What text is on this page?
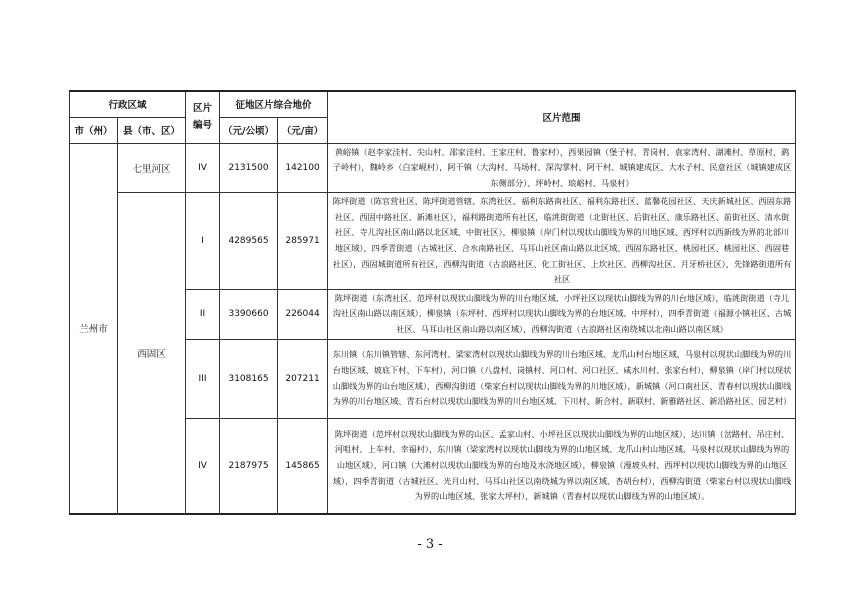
行政区域		区片编号	征地区片综合地价		区片范围
市（州）	县（市、区）		（元/公顷）	（元/亩）	
兰州市	七里河区	IV	2131500	142100	黄峪镇（赵李家洼村、尖山村、邵家洼村、王家庄村、鲁家村），西果园镇（堡子村、青岗村、袁家湾村、湖滩村、草原村、鹞子岭村），魏岭乡（白家岘村），阿干镇（大沟村、马场村、深沟掌村、阿干村、城镇建成区、大水子村、民意社区（城镇建成区东侧部分）、坪岭村、琅峪村、马泉村）
	西固区	I	4289565	285971	陈坪街道（陈官营社区、陈坪街道管辖、东湾社区、福利东路南社区、福利东路社区、蓝馨花园社区、天庆新城社区、西固东路社区、西固中路社区、新滩社区），福利路街道所有社区，临洮街街道（北街社区、后街社区、康乐路社区、前街社区、清水街社区、寺儿沟社区南山路以北区域、中街社区），柳泉镇（岸门村以现状山脚线为界的川地区域、西坪村以西新线为界的北部川地区域），四季青街道（古城社区、合水南路社区、马耳山社区南山路以北区域、西固东路社区、桃园社区、桃园社区、西固巷社区），西固城街道所有社区，西柳沟街道（古浪路社区、化工街社区、上坎社区、西柳沟社区、月牙桥社区），先锋路街道所有社区
		II	3390660	226044	陈坪街道（东湾社区、范坪村以现状山脚线为界的川台地区域、小坪社区以现状山脚线为界的川台地区域），临洮街街道（寺儿沟社区南山路以南区域），柳泉镇（东坪村、西坪村以现状山脚线为界的台地区域、中坪村），四季青街道（福源小镇社区、古城社区、马耳山社区南山路以南区域），西柳沟街道（古浪路社区南绕城以北南山路以南区域）
		III	3108165	207211	东川镇（东川镇管辖、东河湾村、梁家湾村以现状山脚线为界的川台地区域、龙爪山村台地区域、马泉村以现状山脚线为界的川台地区域、坡底下村、下车村），河口镇（八盘村、岗镇村、河口村、河口社区、咸水川村、张家台村），柳泉镇（岸门村以现状山脚线为界的山台地区域），西柳沟街道（柴家台村以现状山脚线为界的川地区域），新城镇（河口南社区、青春村以现状山脚线为界的川台地区域、青石台村以现状山脚线为界的川台地区域、下川村、新合村、新联村、新雅路社区、新沿路社区、园艺村）
		IV	2187975	145865	陈坪街道（范坪村以现状山脚线为界的山区、孟家山村、小坪社区以现状山脚线为界的山地区域），达川镇（岔路村、吊庄村、河咀村、上车村、幸福村），东川镇（梁家湾村以现状山脚线为界的山地区域、龙爪山村山地区域、马泉村以现状山脚线为界的山地区域），河口镇（大滩村以现状山脚线为界的台地及水浇地区域），柳泉镇（漫坡头村、西坪村以现状山脚线为界的山地区域），四季青街道（古城社区、光月山村、马耳山社区以南绕城为界以南区域、杏胡台村），西柳沟街道（柴家台村以现状山脚线为界的山地区域、张家大坪村），新城镇（青春村以现状山脚线为界的山地区域）。
- 3 -
